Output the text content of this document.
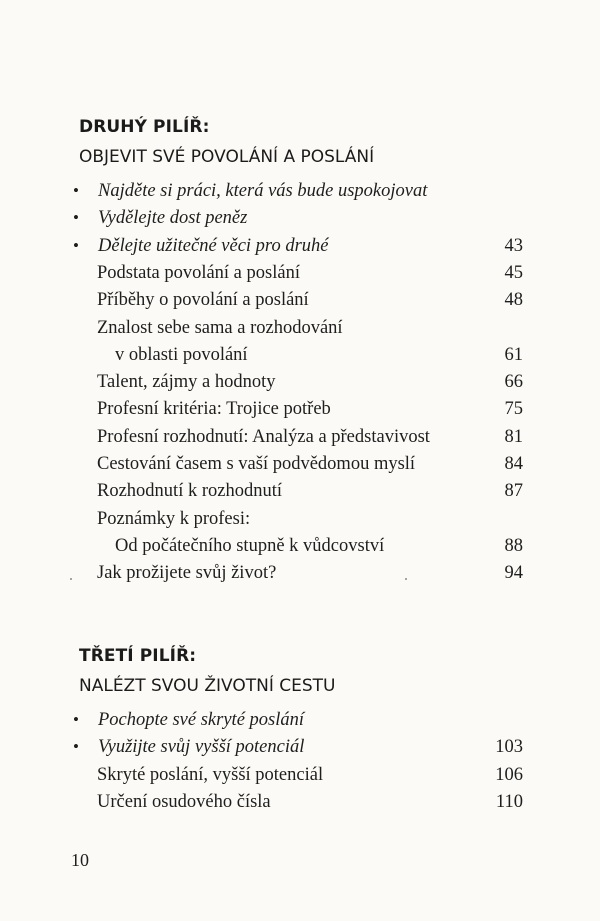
DRUHÝ PILÍŘ:
OBJEVIT SVÉ POVOLÁNÍ A POSLÁNÍ
• Najděte si práci, která vás bude uspokojovat
• Vydělejte dost peněz
• Dělejte užitečné věci pro druhé	43
Podstata povolání a poslání	45
Příběhy o povolání a poslání	48
Znalost sebe sama a rozhodování
v oblasti povolání	61
Talent, zájmy a hodnoty	66
Profesní kritéria: Trojice potřeb	75
Profesní rozhodnutí: Analýza a představivost	81
Cestování časem s vaší podvědomou myslí	84
Rozhodnutí k rozhodnutí	87
Poznámky k profesi:
Od počátečního stupně k vůdcovství	88
Jak prožijete svůj život?	94
TŘETÍ PILÍŘ:
NALÉZT SVOU ŽIVOTNÍ CESTU
• Pochopte své skryté poslání
• Využijte svůj vyšší potenciál	103
Skryté poslání, vyšší potenciál	106
Určení osudového čísla	110
10
